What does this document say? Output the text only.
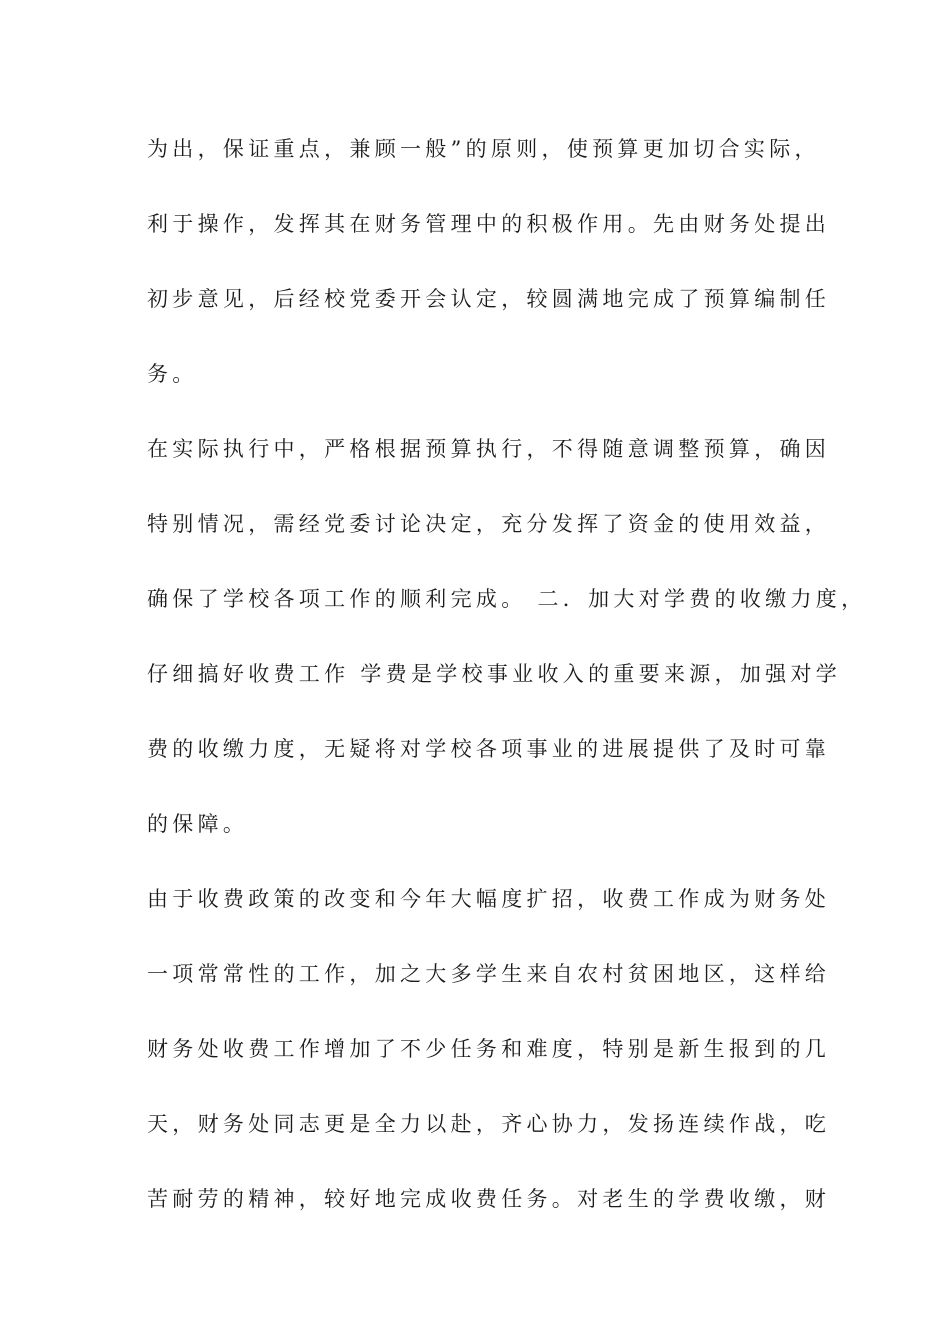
为出，保证重点，兼顾一般”的原则，使预算更加切合实际，
利于操作，发挥其在财务管理中的积极作用。先由财务处提出
初步意见，后经校党委开会认定，较圆满地完成了预算编制任
务。
在实际执行中，严格根据预算执行，不得随意调整预算，确因
特别情况，需经党委讨论决定，充分发挥了资金的使用效益，
确保了学校各项工作的顺利完成。 二．加大对学费的收缴力度，
仔细搞好收费工作 学费是学校事业收入的重要来源，加强对学
费的收缴力度，无疑将对学校各项事业的进展提供了及时可靠
的保障。
由于收费政策的改变和今年大幅度扩招，收费工作成为财务处
一项常常性的工作，加之大多学生来自农村贫困地区，这样给
财务处收费工作增加了不少任务和难度，特别是新生报到的几
天，财务处同志更是全力以赴，齐心协力，发扬连续作战，吃
苦耐劳的精神，较好地完成收费任务。对老生的学费收缴，财
